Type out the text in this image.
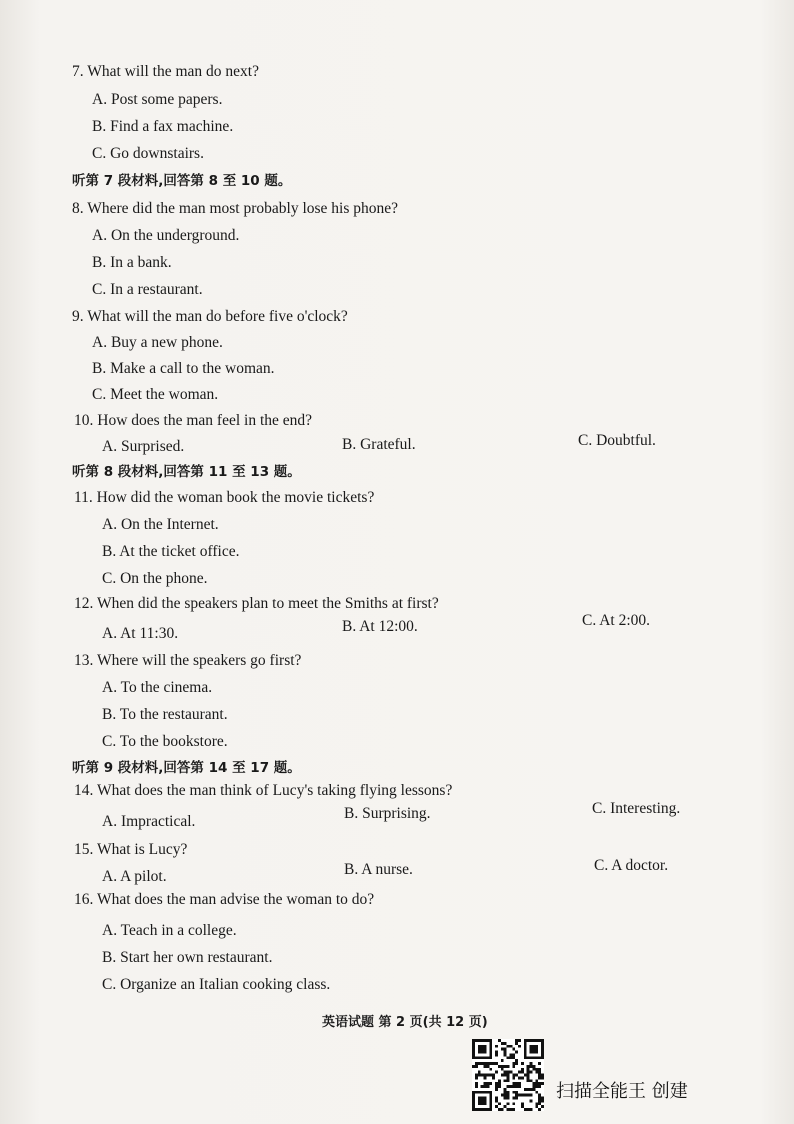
7. What will the man do next?
A. Post some papers.
B. Find a fax machine.
C. Go downstairs.
听第 7 段材料,回答第 8 至 10 题。
8. Where did the man most probably lose his phone?
A. On the underground.
B. In a bank.
C. In a restaurant.
9. What will the man do before five o'clock?
A. Buy a new phone.
B. Make a call to the woman.
C. Meet the woman.
10. How does the man feel in the end?
A. Surprised.	B. Grateful.	C. Doubtful.
听第 8 段材料,回答第 11 至 13 题。
11. How did the woman book the movie tickets?
A. On the Internet.
B. At the ticket office.
C. On the phone.
12. When did the speakers plan to meet the Smiths at first?
A. At 11:30.	B. At 12:00.	C. At 2:00.
13. Where will the speakers go first?
A. To the cinema.
B. To the restaurant.
C. To the bookstore.
听第 9 段材料,回答第 14 至 17 题。
14. What does the man think of Lucy's taking flying lessons?
A. Impractical.	B. Surprising.	C. Interesting.
15. What is Lucy?
A. A pilot.	B. A nurse.	C. A doctor.
16. What does the man advise the woman to do?
A. Teach in a college.
B. Start her own restaurant.
C. Organize an Italian cooking class.
英语试题 第 2 页(共 12 页)
扫描全能王 创建
